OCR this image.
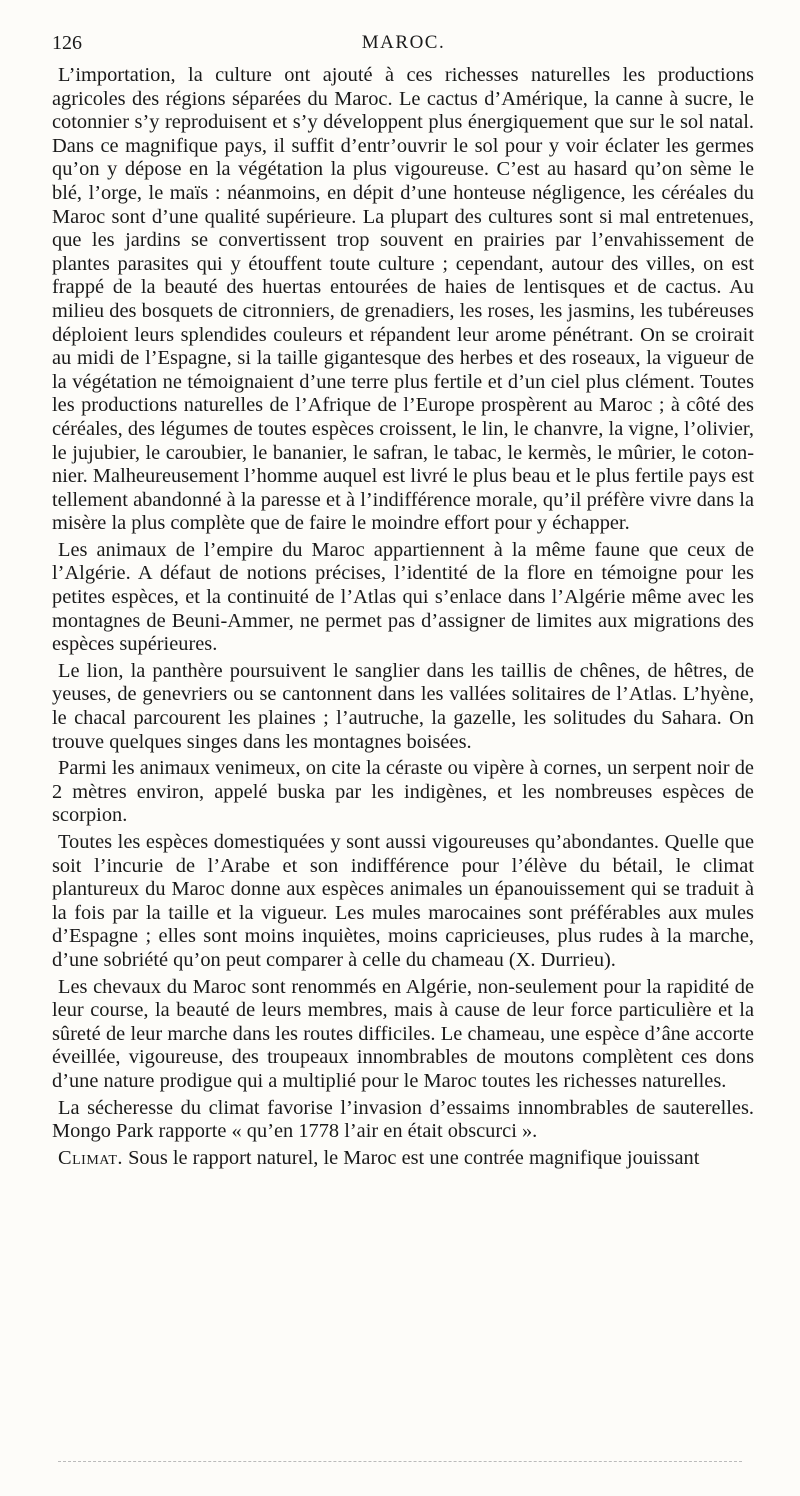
126	MAROC.

L’importation, la culture ont ajouté à ces richesses naturelles les productions agricoles des régions séparées du Maroc. Le cactus d’Amérique, la canne à sucre, le cotonnier s’y reproduisent et s’y développent plus énergiquement que sur le sol natal. Dans ce magnifique pays, il suffit d’entr’ouvrir le sol pour y voir éclater les germes qu’on y dépose en la végétation la plus vigoureuse. C’est au hasard qu’on sème le blé, l’orge, le maïs : néanmoins, en dépit d’une honteuse négligence, les céréales du Maroc sont d’une qualité supérieure. La plupart des cultures sont si mal entretenues, que les jardins se convertissent trop souvent en prairies par l’envahissement de plantes parasites qui y étouffent toute culture ; cependant, autour des villes, on est frappé de la beauté des huertas entourées de haies de lentisques et de cactus. Au milieu des bosquets de citronniers, de grenadiers, les roses, les jasmins, les tubéreuses déploient leurs splendides couleurs et répandent leur arome pénétrant. On se croirait au midi de l’Espagne, si la taille gigantesque des herbes et des roseaux, la vigueur de la végétation ne témoignaient d’une terre plus fertile et d’un ciel plus clément. Toutes les productions naturelles de l’Afrique de l’Europe prospèrent au Maroc ; à côté des céréales, des légumes de toutes espèces croissent, le lin, le chanvre, la vigne, l’olivier, le jujubier, le caroubier, le bananier, le safran, le tabac, le kermès, le mûrier, le cotonnier. Malheureusement l’homme auquel est livré le plus beau et le plus fertile pays est tellement abandonné à la paresse et à l’indifférence morale, qu’il préfère vivre dans la misère la plus complète que de faire le moindre effort pour y échapper.

Les animaux de l’empire du Maroc appartiennent à la même faune que ceux de l’Algérie. A défaut de notions précises, l’identité de la flore en témoigne pour les petites espèces, et la continuité de l’Atlas qui s’enlace dans l’Algérie même avec les montagnes de Beuni-Ammer, ne permet pas d’assigner de limites aux migrations des espèces supérieures.

Le lion, la panthère poursuivent le sanglier dans les taillis de chênes, de hêtres, de yeuses, de genevriers ou se cantonnent dans les vallées solitaires de l’Atlas. L’hyène, le chacal parcourent les plaines ; l’autruche, la gazelle, les solitudes du Sahara. On trouve quelques singes dans les montagnes boisées.

Parmi les animaux venimeux, on cite la céraste ou vipère à cornes, un serpent noir de 2 mètres environ, appelé buska par les indigènes, et les nombreuses espèces de scorpion.

Toutes les espèces domestiquées y sont aussi vigoureuses qu’abondantes. Quelle que soit l’incurie de l’Arabe et son indifférence pour l’élève du bétail, le climat plantureux du Maroc donne aux espèces animales un épanouissement qui se traduit à la fois par la taille et la vigueur. Les mules marocaines sont préférables aux mules d’Espagne ; elles sont moins inquiètes, moins capricieuses, plus rudes à la marche, d’une sobriété qu’on peut comparer à celle du chameau (X. Durrieu).

Les chevaux du Maroc sont renommés en Algérie, non-seulement pour la rapidité de leur course, la beauté de leurs membres, mais à cause de leur force particulière et la sûreté de leur marche dans les routes difficiles. Le chameau, une espèce d’âne accorte éveillée, vigoureuse, des troupeaux innombrables de moutons complètent ces dons d’une nature prodigue qui a multiplié pour le Maroc toutes les richesses naturelles.

La sécheresse du climat favorise l’invasion d’essaims innombrables de sauterelles. Mongo Park rapporte « qu’en 1778 l’air en était obscurci ».

Climat. Sous le rapport naturel, le Maroc est une contrée magnifique jouissant
